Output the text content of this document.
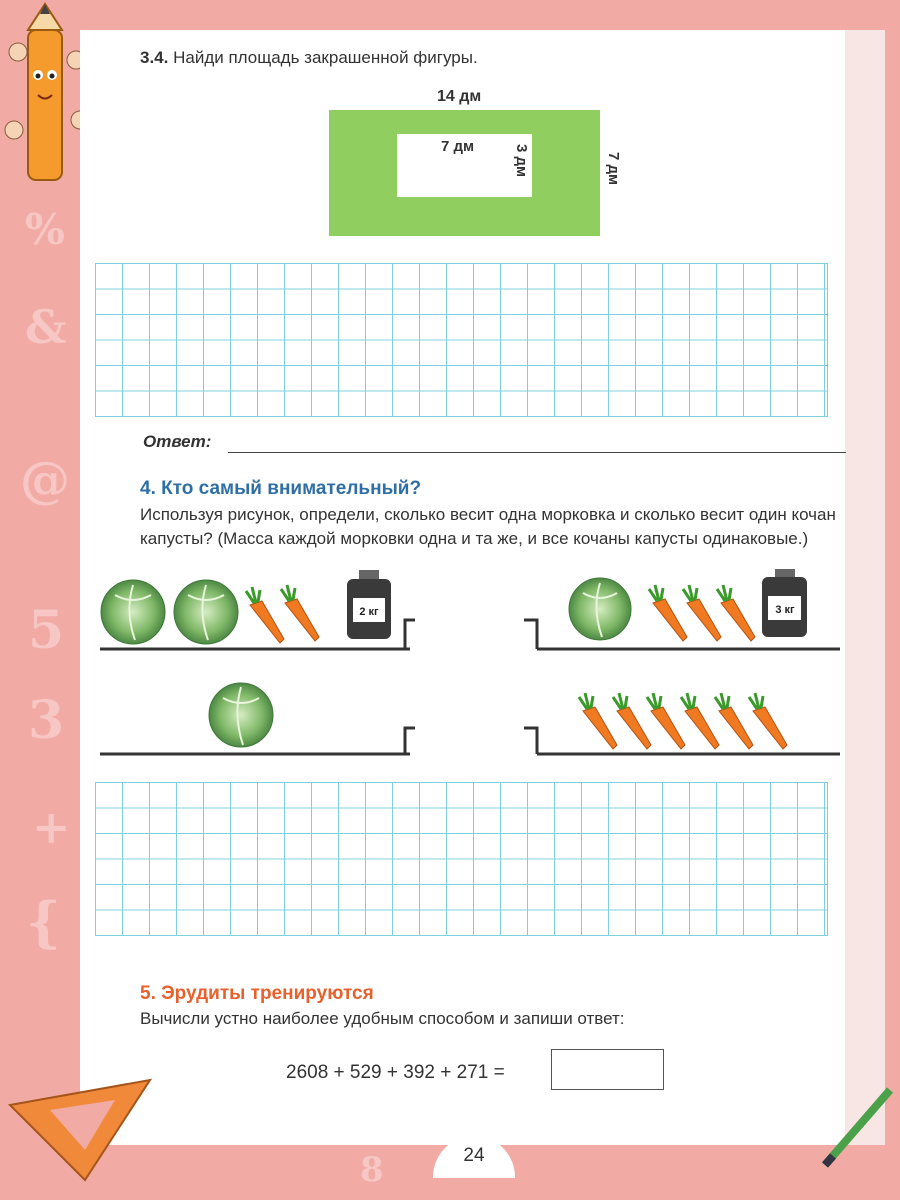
%
&
@
5
3
+
{
8
3.4. Найди площадь закрашенной фигуры.
14 дм
7 дм	3 дм	7 дм
Ответ:
4. Кто самый внимательный?
Используя рисунок, определи, сколько весит одна морковка и сколько весит один кочан капусты? (Масса каждой морковки одна и та же, и все кочаны капусты одинаковые.)
2 кг	3 кг
5. Эрудиты тренируются
Вычисли устно наиболее удобным способом и запиши ответ:
2608 + 529 + 392 + 271 =
24
